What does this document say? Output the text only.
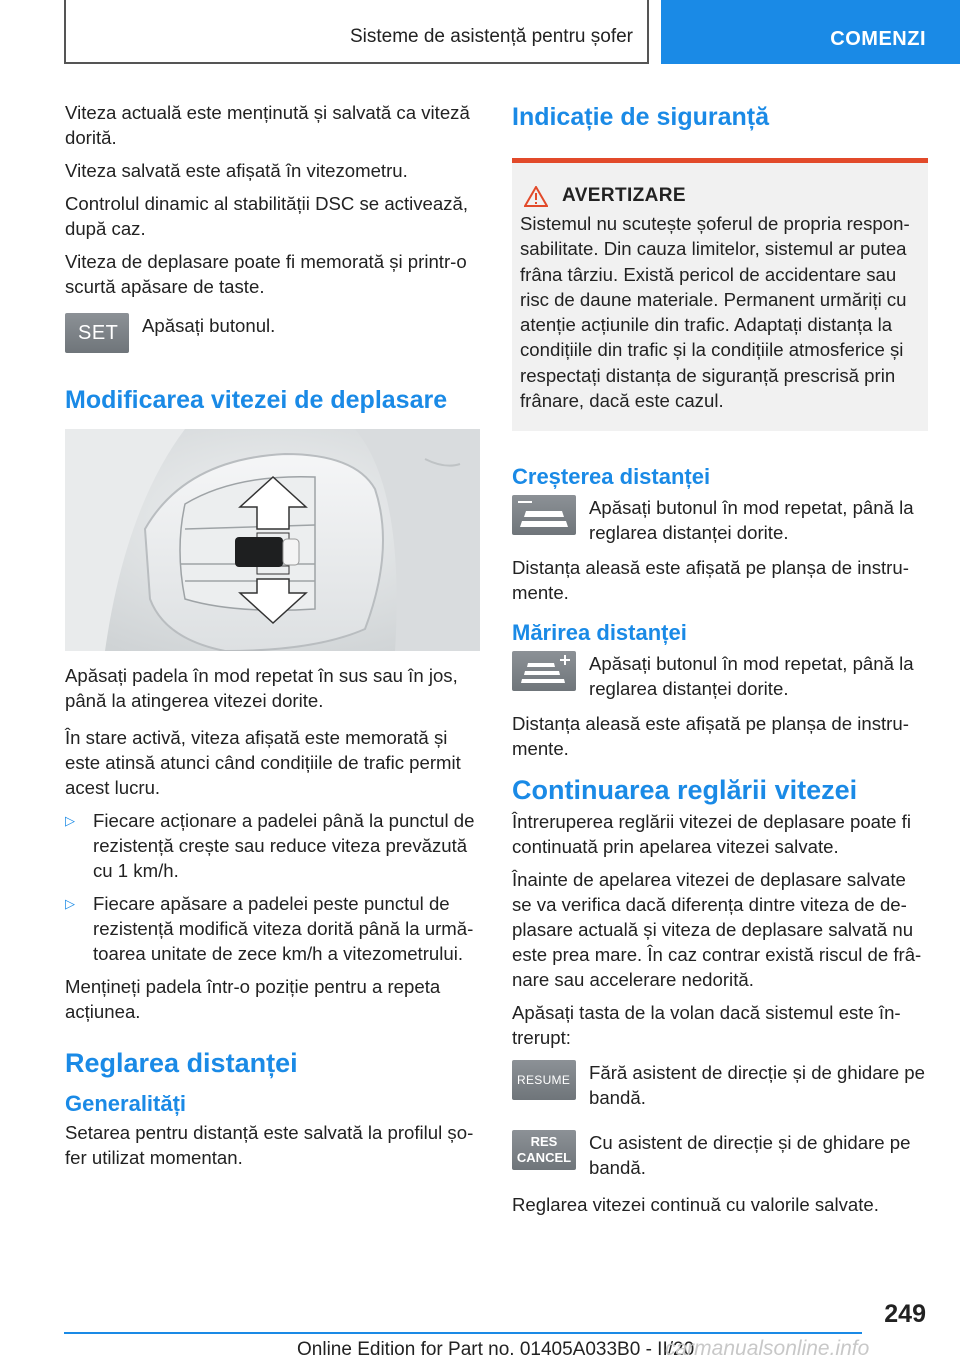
Sisteme de asistență pentru șofer	COMENZI

Viteza actuală este menținută și salvată ca viteză dorită.

Viteza salvată este afișată în vitezometru.

Controlul dinamic al stabilității DSC se activează, după caz.

Viteza de deplasare poate fi memorată și printr-o scurtă apăsare de taste.

SET Apăsați butonul.

Modificarea vitezei de deplasare

Apăsați padela în mod repetat în sus sau în jos, până la atingerea vitezei dorite.

În stare activă, viteza afișată este memorată și este atinsă atunci când condițiile de trafic permit acest lucru.

▷ Fiecare acționare a padelei până la punctul de rezistență crește sau reduce viteza prevăzută cu 1 km/h.

▷ Fiecare apăsare a padelei peste punctul de rezistență modifică viteza dorită până la urmă-toarea unitate de zece km/h a vitezometrului.

Mențineți padela într-o poziție pentru a repeta acțiunea.

Reglarea distanței
Generalități

Setarea pentru distanță este salvată la profilul șo-fer utilizat momentan.

Indicație de siguranță
AVERTIZARE

Sistemul nu scutește șoferul de propria respon-sabilitate. Din cauza limitelor, sistemul ar putea frâna târziu. Există pericol de accidentare sau risc de daune materiale. Permanent urmăriți cu atenție acțiunile din trafic. Adaptați distanța la condițiile din trafic și la condițiile atmosferice și respectați distanța de siguranță prescrisă prin frânare, dacă este cazul.

Creșterea distanței

Apăsați butonul în mod repetat, până la reglarea distanței dorite.

Distanța aleasă este afișată pe planșa de instru-mente.

Mărirea distanței

Apăsați butonul în mod repetat, până la reglarea distanței dorite.

Distanța aleasă este afișată pe planșa de instru-mente.

Continuarea reglării vitezei

Întreruperea reglării vitezei de deplasare poate fi continuată prin apelarea vitezei salvate.

Înainte de apelarea vitezei de deplasare salvate se va verifica dacă diferența dintre viteza de de-plasare actuală și viteza de deplasare salvată nu este prea mare. În caz contrar există riscul de frâ-nare sau accelerare nedorită.

Apăsați tasta de la volan dacă sistemul este în-trerupt:

RESUME Fără asistent de direcție și de ghidare pe bandă.

RES
CANCEL

Cu asistent de direcție și de ghidare pe bandă.

Reglarea vitezei continuă cu valorile salvate.

249
Online Edition for Part no. 01405A033B0 - II/20
carmanualsonline.info
